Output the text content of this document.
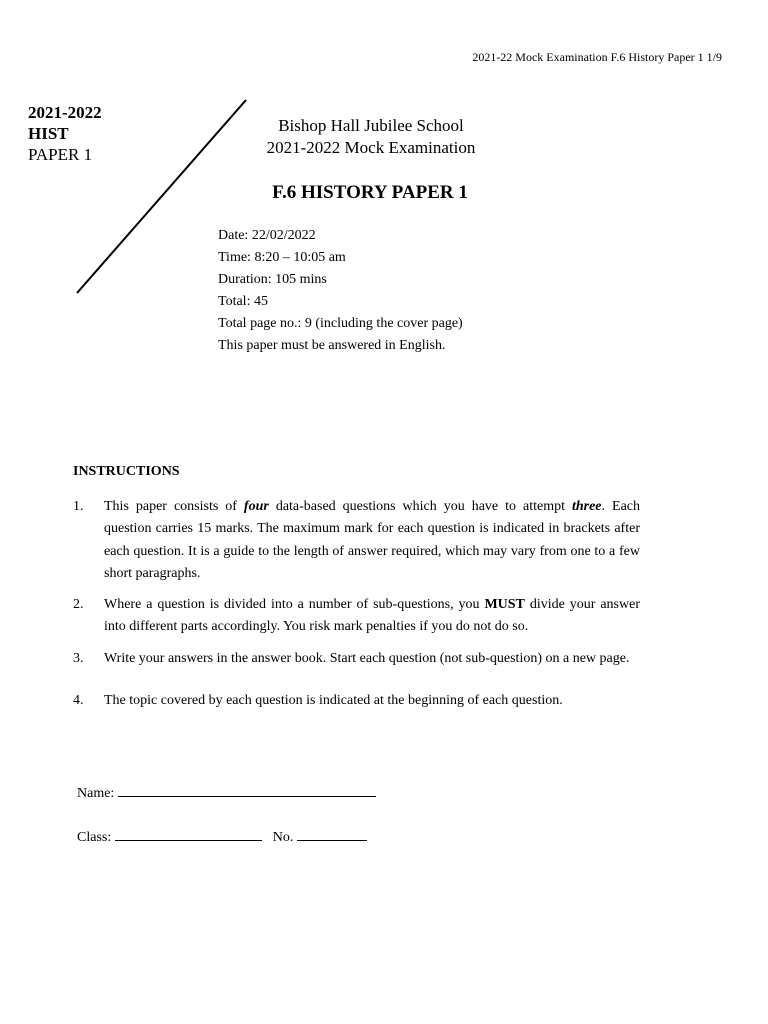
2021-22 Mock Examination F.6 History Paper 1 1/9
2021-2022
HIST
PAPER 1
Bishop Hall Jubilee School
2021-2022 Mock Examination
F.6 HISTORY PAPER 1
Date: 22/02/2022
Time: 8:20 – 10:05 am
Duration: 105 mins
Total: 45
Total page no.: 9 (including the cover page)
This paper must be answered in English.
INSTRUCTIONS
1.	This paper consists of four data-based questions which you have to attempt three. Each question carries 15 marks. The maximum mark for each question is indicated in brackets after each question. It is a guide to the length of answer required, which may vary from one to a few short paragraphs.
2.	Where a question is divided into a number of sub-questions, you MUST divide your answer into different parts accordingly. You risk mark penalties if you do not do so.
3.	Write your answers in the answer book. Start each question (not sub-question) on a new page.
4.	The topic covered by each question is indicated at the beginning of each question.
Name:
Class:	No.
